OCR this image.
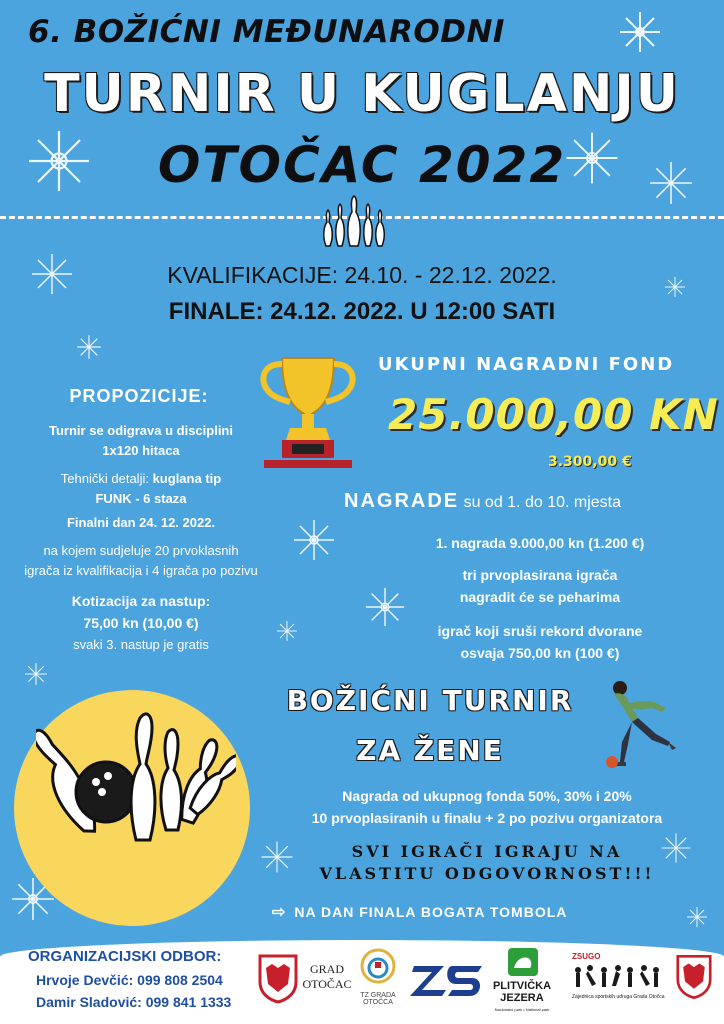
6. BOŽIĆNI MEĐUNARODNI
TURNIR U KUGLANJU
OTOČAC 2022
KVALIFIKACIJE: 24.10. - 22.12. 2022.
FINALE: 24.12. 2022. U 12:00 SATI
UKUPNI NAGRADNI FOND
25.000,00 KN
3.300,00 €
PROPOZICIJE:
Turnir se odigrava u disciplini
1x120 hitaca
Tehnički detalji: kuglana tip
FUNK - 6 staza
Finalni dan 24. 12. 2022.
na kojem sudjeluje 20 prvoklasnih
igrača iz kvalifikacija i 4 igrača po pozivu
Kotizacija za nastup:
75,00 kn (10,00 €)
svaki 3. nastup je gratis
NAGRADE su od 1. do 10. mjesta
1. nagrada 9.000,00 kn (1.200 €)
tri prvoplasirana igrača
nagradit će se peharima
igrač koji sruši rekord dvorane
osvaja 750,00 kn (100 €)
BOŽIĆNI TURNIR
ZA ŽENE
Nagrada od ukupnog fonda 50%, 30% i 20%
10 prvoplasiranih u finalu + 2 po pozivu organizatora
SVI IGRAČI IGRAJU NA
VLASTITU ODGOVORNOST!!!
⇨ NA DAN FINALA BOGATA TOMBOLA
ORGANIZACIJSKI ODBOR:
Hrvoje Devčić: 099 808 2504
Damir Sladović: 099 841 1333
GRAD
OTOČAC
TZ GRADA
OTOČCA
PLITVIČKA
JEZERA
Nacionalni park • National park
ZSUGO
Zajednica sportskih udruga Grada Otočca
